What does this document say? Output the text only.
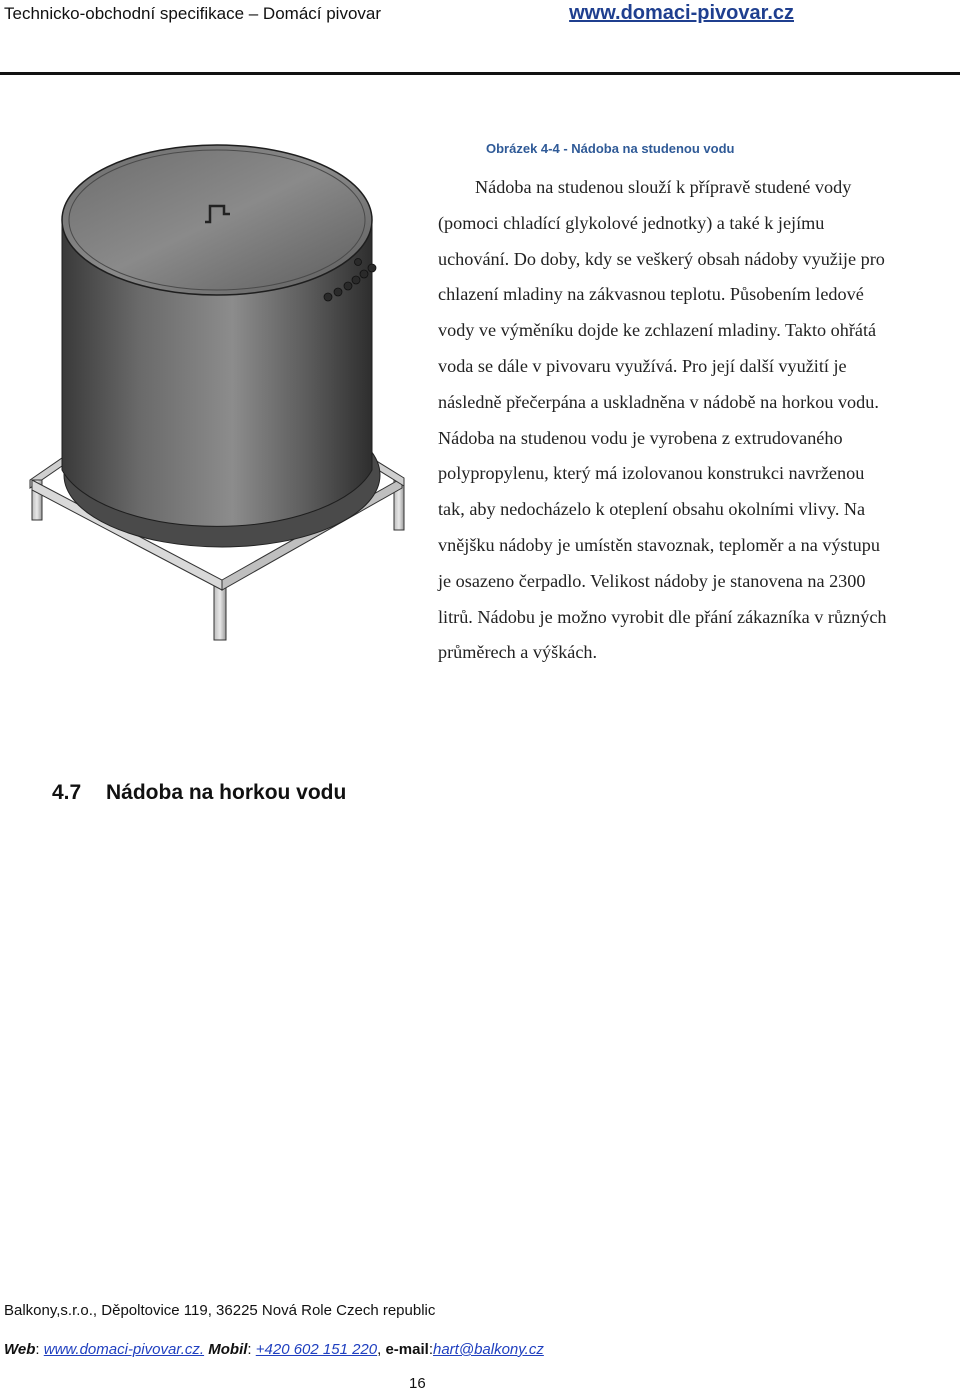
Technicko-obchodní specifikace – Domácí pivovar	www.domaci-pivovar.cz
Obrázek 4-4 - Nádoba na studenou vodu
Nádoba na studenou slouží k přípravě studené vody
(pomoci chladící glykolové jednotky) a také k jejímu
uchování. Do doby, kdy se veškerý obsah nádoby využije pro
chlazení mladiny na zákvasnou teplotu. Působením ledové
vody ve výměníku dojde ke zchlazení mladiny. Takto ohřátá
voda se dále v pivovaru využívá. Pro její další využití je
následně přečerpána a uskladněna v nádobě na horkou vodu.
Nádoba na studenou vodu je vyrobena z extrudovaného
polypropylenu, který má izolovanou konstrukci navrženou
tak, aby nedocházelo k oteplení obsahu okolními vlivy. Na
vnějšku nádoby je umístěn stavoznak, teploměr a na výstupu
je osazeno čerpadlo. Velikost nádoby je stanovena na 2300
litrů. Nádobu je možno vyrobit dle přání zákazníka v různých
průměrech a výškách.
4.7 Nádoba na horkou vodu
Balkony,s.r.o., Děpoltovice 119, 36225 Nová Role Czech republic
Web: www.domaci-pivovar.cz. Mobil: +420 602 151 220, e-mail:hart@balkony.cz
16
